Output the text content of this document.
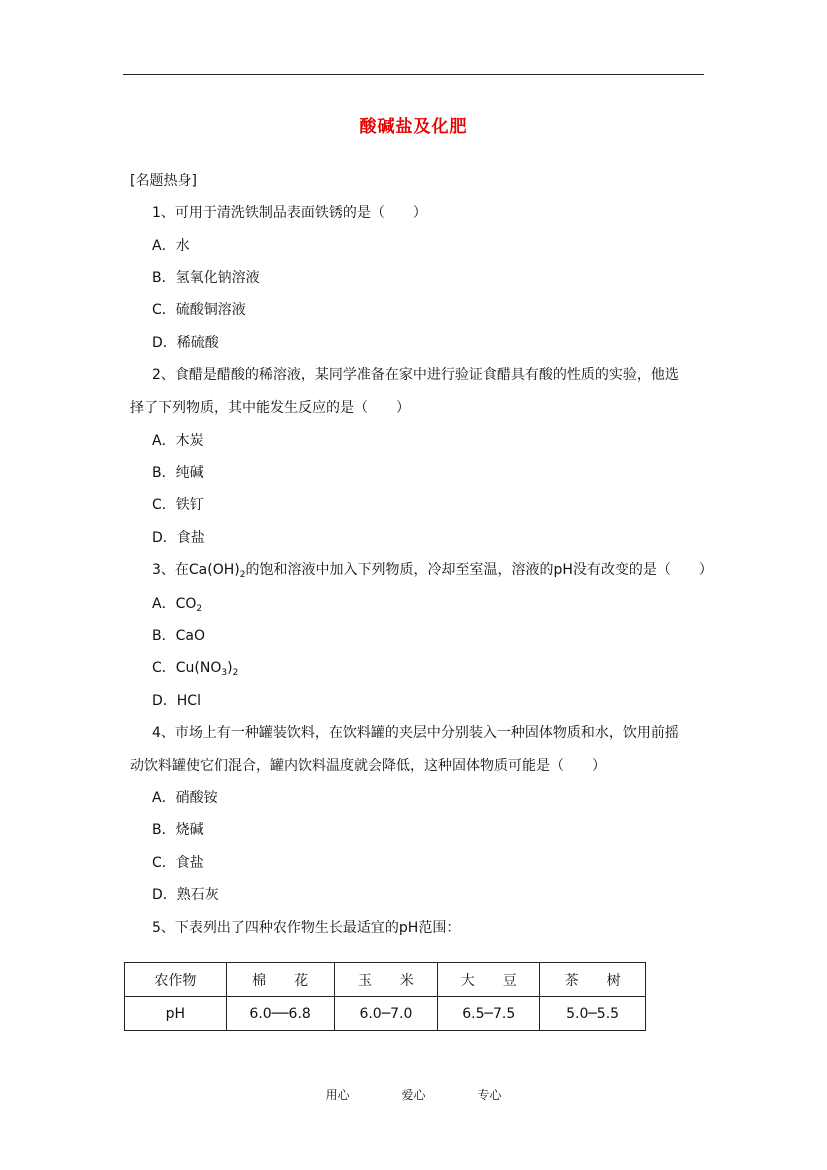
酸碱盐及化肥
[名题热身]
1、可用于清洗铁制品表面铁锈的是（　　）
A．水
B．氢氧化钠溶液
C．硫酸铜溶液
D．稀硫酸
2、食醋是醋酸的稀溶液，某同学准备在家中进行验证食醋具有酸的性质的实验，他选
择了下列物质，其中能发生反应的是（　　）
A．木炭
B．纯碱
C．铁钉
D．食盐
3、在$Ca(OH)_2$的饱和溶液中加入下列物质，冷却至室温，溶液的pH没有改变的是（　　）
A．$CO_2$
B．CaO
C．$Cu(NO_3)_2$
D．HCl
4、市场上有一种罐装饮料，在饮料罐的夹层中分别装入一种固体物质和水，饮用前摇
动饮料罐使它们混合，罐内饮料温度就会降低，这种固体物质可能是（　　）
A．硝酸铵
B．烧碱
C．食盐
D．熟石灰
5、下表列出了四种农作物生长最适宜的pH范围：
农作物	棉　　花	玉　　米	大　　豆	茶　　树
pH	6.0──6.8	6.0─7.0	6.5─7.5	5.0─5.5
用心	爱心	专心
